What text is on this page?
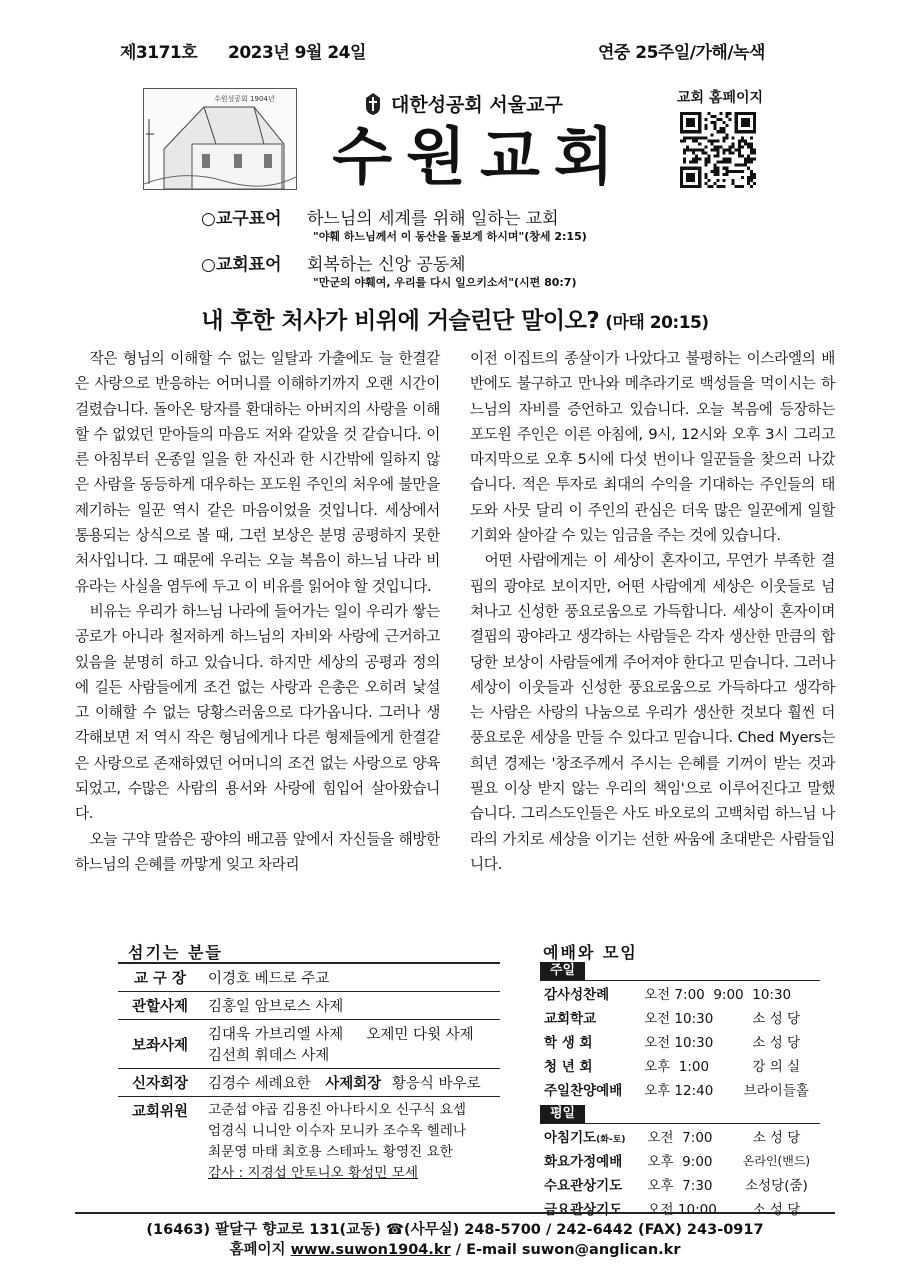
제3171호 2023년 9월 24일	연중 25주일/가해/녹색
수원성공회 1904년	대한성공회 서울교구
수원교회
교회 홈페이지
○교구표어 하느님의 세계를 위해 일하는 교회
"야훼 하느님께서 이 동산을 돌보게 하시며"(창세 2:15)
○교회표어 회복하는 신앙 공동체
"만군의 야훼여, 우리를 다시 일으키소서"(시편 80:7)
내 후한 처사가 비위에 거슬린단 말이오? (마태 20:15)

작은 형님의 이해할 수 없는 일탈과 가출에도 늘 한결같은 사랑으로 반응하는 어머니를 이해하기까지 오랜 시간이 걸렸습니다. 돌아온 탕자를 환대하는 아버지의 사랑을 이해할 수 없었던 맏아들의 마음도 저와 같았을 것 같습니다. 이른 아침부터 온종일 일을 한 자신과 한 시간밖에 일하지 않은 사람을 동등하게 대우하는 포도원 주인의 처우에 불만을 제기하는 일꾼 역시 같은 마음이었을 것입니다. 세상에서 통용되는 상식으로 볼 때, 그런 보상은 분명 공평하지 못한 처사입니다. 그 때문에 우리는 오늘 복음이 하느님 나라 비유라는 사실을 염두에 두고 이 비유를 읽어야 할 것입니다.

비유는 우리가 하느님 나라에 들어가는 일이 우리가 쌓는 공로가 아니라 철저하게 하느님의 자비와 사랑에 근거하고 있음을 분명히 하고 있습니다. 하지만 세상의 공평과 정의에 길든 사람들에게 조건 없는 사랑과 은총은 오히려 낯설고 이해할 수 없는 당황스러움으로 다가옵니다. 그러나 생각해보면 저 역시 작은 형님에게나 다른 형제들에게 한결같은 사랑으로 존재하였던 어머니의 조건 없는 사랑으로 양육되었고, 수많은 사람의 용서와 사랑에 힘입어 살아왔습니다.

오늘 구약 말씀은 광야의 배고픔 앞에서 자신들을 해방한 하느님의 은혜를 까맣게 잊고 차라리

이전 이집트의 종살이가 나았다고 불평하는 이스라엘의 배반에도 불구하고 만나와 메추라기로 백성들을 먹이시는 하느님의 자비를 증언하고 있습니다. 오늘 복음에 등장하는 포도원 주인은 이른 아침에, 9시, 12시와 오후 3시 그리고 마지막으로 오후 5시에 다섯 번이나 일꾼들을 찾으러 나갔습니다. 적은 투자로 최대의 수익을 기대하는 주인들의 태도와 사뭇 달리 이 주인의 관심은 더욱 많은 일꾼에게 일할 기회와 살아갈 수 있는 임금을 주는 것에 있습니다.

어떤 사람에게는 이 세상이 혼자이고, 무연가 부족한 결핍의 광야로 보이지만, 어떤 사람에게 세상은 이웃들로 넘쳐나고 신성한 풍요로움으로 가득합니다. 세상이 혼자이며 결핍의 광야라고 생각하는 사람들은 각자 생산한 만큼의 합당한 보상이 사람들에게 주어져야 한다고 믿습니다. 그러나 세상이 이웃들과 신성한 풍요로움으로 가득하다고 생각하는 사람은 사랑의 나눔으로 우리가 생산한 것보다 훨씬 더 풍요로운 세상을 만들 수 있다고 믿습니다. Ched Myers는 희년 경제는 '창조주께서 주시는 은혜를 기꺼이 받는 것과 필요 이상 받지 않는 우리의 책임'으로 이루어진다고 말했습니다. 그리스도인들은 사도 바오로의 고백처럼 하느님 나라의 가치로 세상을 이기는 선한 싸움에 초대받은 사람들입니다.

섬기는 분들
교 구 장	이경호 베드로 주교
관할사제	김홍일 암브로스 사제
보좌사제	김대욱 가브리엘 사제     오제민 다윗 사제
김선희 휘데스 사제

신자회장	김경수 세례요한 사제회장 황응식 바우로
교회위원	고준섭 야곱 김용진 아나타시오 신구식 요셉
엄경식 니니안 이수자 모니카 조수옥 헬레나
최문영 마태 최호용 스테파노 황영진 요한
감사 : 지경섭 안토니오 황성민 모세
예배와 모임
주일
감사성찬례	오전 7:00  9:00  10:30	
교회학교	오전 10:30	소 성 당
학 생 회	오전 10:30	소 성 당
청 년 회	오후  1:00	강 의 실
주일찬양예배	오후 12:40	브라이들홀
평일
아침기도(화-토)	오전  7:00	소 성 당
화요가정예배	오후  9:00	온라인(밴드)
수요관상기도	오후  7:30	소성당(줌)
금요관상기도	오전 10:00	소 성 당
(16463) 팔달구 향교로 131(교동) ☎(사무실) 248-5700 / 242-6442 (FAX) 243-0917
홈페이지 www.suwon1904.kr / E-mail suwon@anglican.kr
